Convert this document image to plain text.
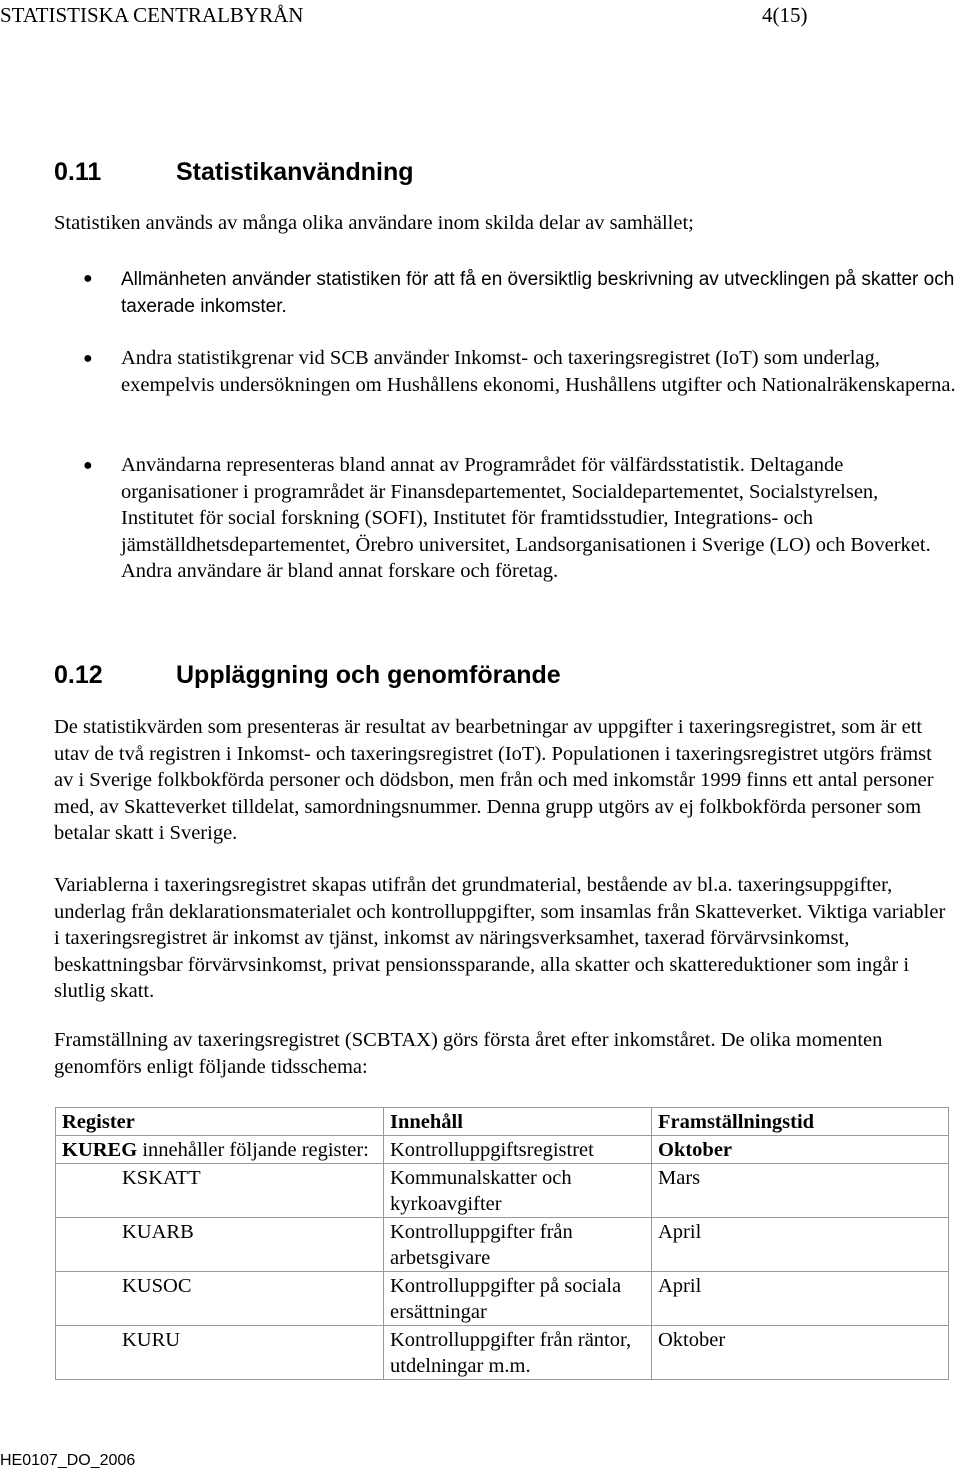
STATISTISKA CENTRALBYRÅN	4(15)
0.11	Statistikanvändning
Statistiken används av många olika användare inom skilda delar av samhället;
● Allmänheten använder statistiken för att få en översiktlig beskrivning av utvecklingen på skatter och taxerade inkomster.
● Andra statistikgrenar vid SCB använder Inkomst- och taxeringsregistret (IoT) som underlag, exempelvis undersökningen om Hushållens ekonomi, Hushållens utgifter och Nationalräkenskaperna.
● Användarna representeras bland annat av Programrådet för välfärdsstatistik. Deltagande organisationer i programrådet är Finansdepartementet, Socialdepartementet, Socialstyrelsen, Institutet för social forskning (SOFI), Institutet för framtidsstudier, Integrations- och jämställdhetsdepartementet, Örebro universitet, Landsorganisationen i Sverige (LO) och Boverket. Andra användare är bland annat forskare och företag.
0.12	Uppläggning och genomförande
De statistikvärden som presenteras är resultat av bearbetningar av uppgifter i taxeringsregistret, som är ett utav de två registren i Inkomst- och taxeringsregistret (IoT). Populationen i taxeringsregistret utgörs främst av i Sverige folkbokförda personer och dödsbon, men från och med inkomstår 1999 finns ett antal personer med, av Skatteverket tilldelat, samordningsnummer. Denna grupp utgörs av ej folkbokförda personer som betalar skatt i Sverige.
Variablerna i taxeringsregistret skapas utifrån det grundmaterial, bestående av bl.a. taxeringsuppgifter, underlag från deklarationsmaterialet och kontrolluppgifter, som insamlas från Skatteverket. Viktiga variabler i taxeringsregistret är inkomst av tjänst, inkomst av näringsverksamhet, taxerad förvärvsinkomst, beskattningsbar förvärvsinkomst, privat pensionssparande, alla skatter och skattereduktioner som ingår i slutlig skatt.
Framställning av taxeringsregistret (SCBTAX) görs första året efter inkomståret. De olika momenten genomförs enligt följande tidsschema:
Register	Innehåll	Framställningstid
KUREG innehåller följande register:	Kontrolluppgiftsregistret	Oktober
KSKATT	Kommunalskatter och kyrkoavgifter	Mars
KUARB	Kontrolluppgifter från arbetsgivare	April
KUSOC	Kontrolluppgifter på sociala ersättningar	April
KURU	Kontrolluppgifter från räntor, utdelningar m.m.	Oktober
HE0107_DO_2006
